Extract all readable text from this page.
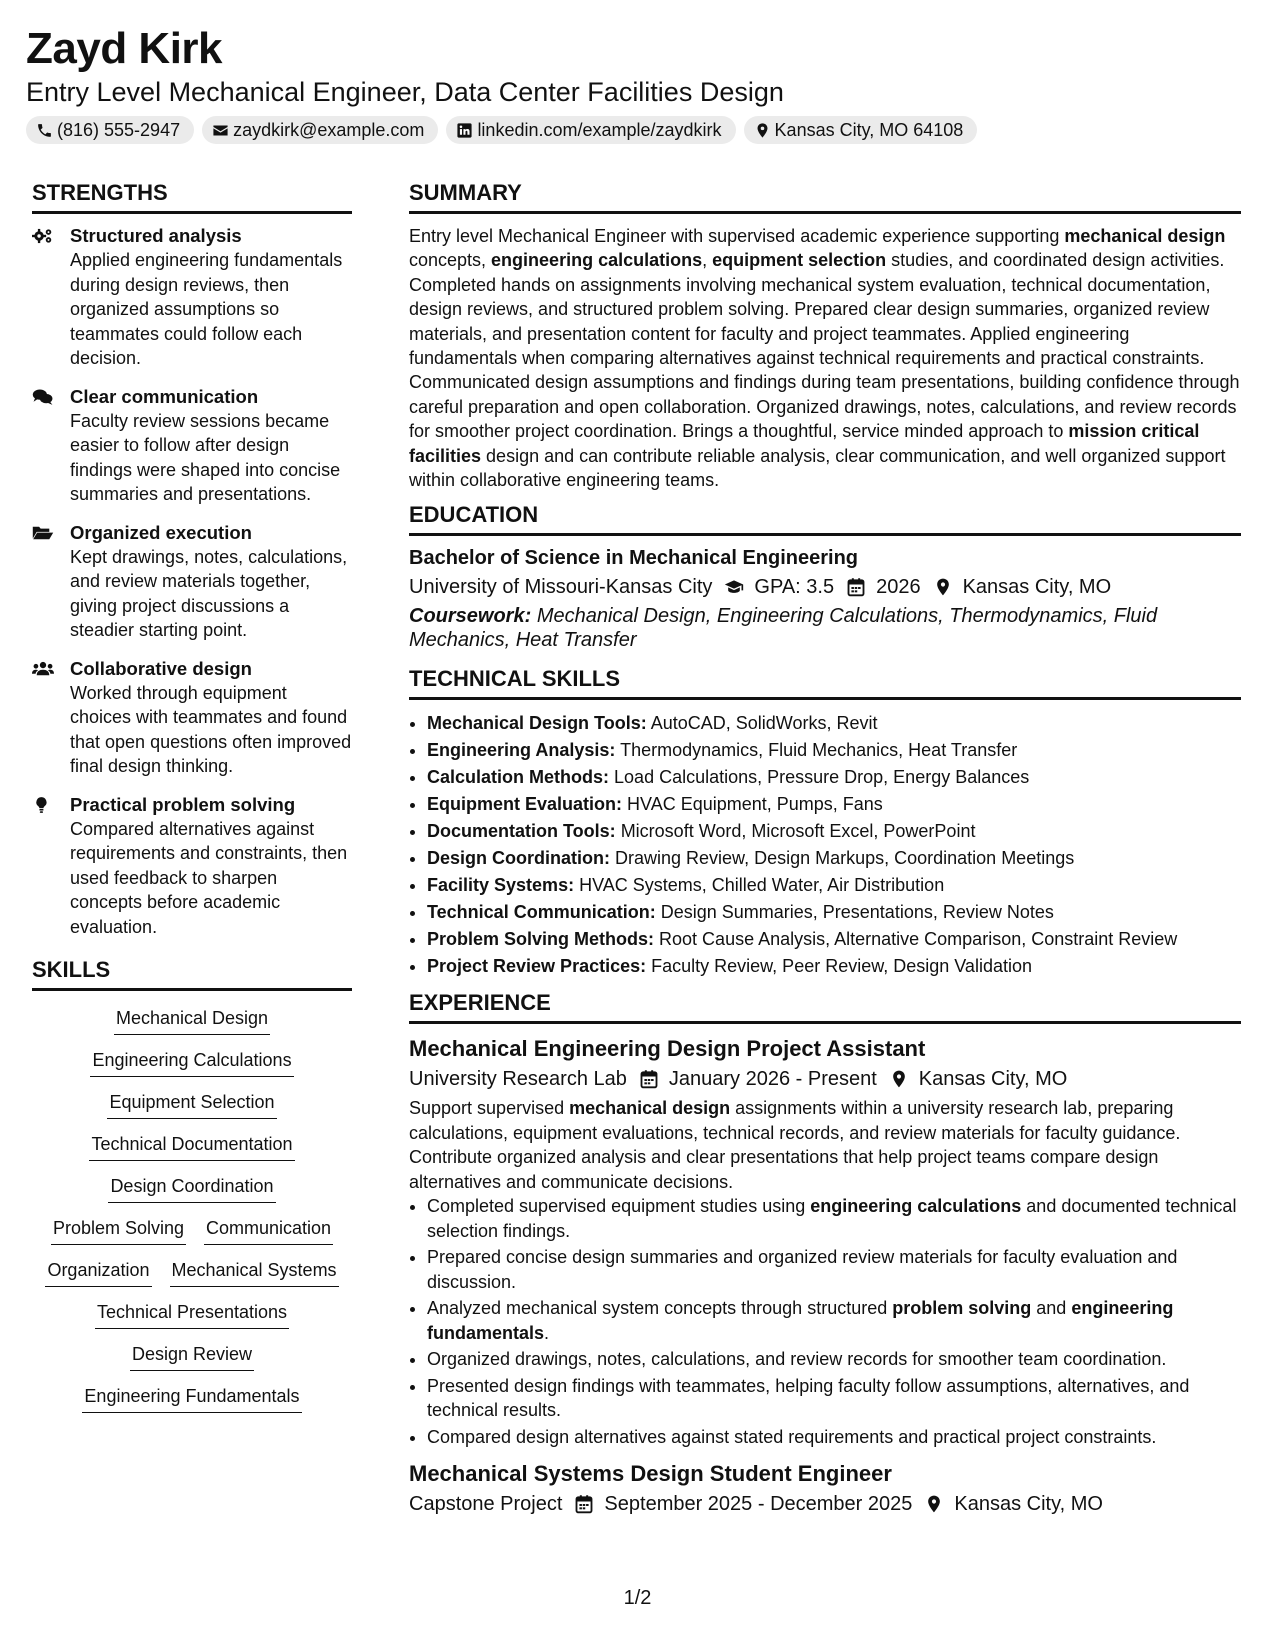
Zayd Kirk
Entry Level Mechanical Engineer, Data Center Facilities Design
(816) 555-2947	zaydkirk@example.com	linkedin.com/example/zaydkirk	Kansas City, MO 64108
STRENGTHS
Structured analysis
Applied engineering fundamentals during design reviews, then organized assumptions so teammates could follow each decision.
Clear communication
Faculty review sessions became easier to follow after design findings were shaped into concise summaries and presentations.
Organized execution
Kept drawings, notes, calculations, and review materials together, giving project discussions a steadier starting point.
Collaborative design
Worked through equipment choices with teammates and found that open questions often improved final design thinking.
Practical problem solving
Compared alternatives against requirements and constraints, then used feedback to sharpen concepts before academic evaluation.
SKILLS
Mechanical Design
Engineering Calculations
Equipment Selection
Technical Documentation
Design Coordination
Problem Solving Communication
Organization Mechanical Systems
Technical Presentations
Design Review
Engineering Fundamentals
SUMMARY
Entry level Mechanical Engineer with supervised academic experience supporting mechanical design concepts, engineering calculations, equipment selection studies, and coordinated design activities. Completed hands on assignments involving mechanical system evaluation, technical documentation, design reviews, and structured problem solving. Prepared clear design summaries, organized review materials, and presentation content for faculty and project teammates. Applied engineering fundamentals when comparing alternatives against technical requirements and practical constraints. Communicated design assumptions and findings during team presentations, building confidence through careful preparation and open collaboration. Organized drawings, notes, calculations, and review records for smoother project coordination. Brings a thoughtful, service minded approach to mission critical facilities design and can contribute reliable analysis, clear communication, and well organized support within collaborative engineering teams.
EDUCATION
Bachelor of Science in Mechanical Engineering
University of Missouri-Kansas City GPA: 3.5 2026 Kansas City, MO
Coursework: Mechanical Design, Engineering Calculations, Thermodynamics, Fluid Mechanics, Heat Transfer
TECHNICAL SKILLS
• Mechanical Design Tools: AutoCAD, SolidWorks, Revit
• Engineering Analysis: Thermodynamics, Fluid Mechanics, Heat Transfer
• Calculation Methods: Load Calculations, Pressure Drop, Energy Balances
• Equipment Evaluation: HVAC Equipment, Pumps, Fans
• Documentation Tools: Microsoft Word, Microsoft Excel, PowerPoint
• Design Coordination: Drawing Review, Design Markups, Coordination Meetings
• Facility Systems: HVAC Systems, Chilled Water, Air Distribution
• Technical Communication: Design Summaries, Presentations, Review Notes
• Problem Solving Methods: Root Cause Analysis, Alternative Comparison, Constraint Review
• Project Review Practices: Faculty Review, Peer Review, Design Validation
EXPERIENCE
Mechanical Engineering Design Project Assistant
University Research Lab January 2026 - Present Kansas City, MO
Support supervised mechanical design assignments within a university research lab, preparing calculations, equipment evaluations, technical records, and review materials for faculty guidance. Contribute organized analysis and clear presentations that help project teams compare design alternatives and communicate decisions.
• Completed supervised equipment studies using engineering calculations and documented technical selection findings.
• Prepared concise design summaries and organized review materials for faculty evaluation and discussion.
• Analyzed mechanical system concepts through structured problem solving and engineering fundamentals.
• Organized drawings, notes, calculations, and review records for smoother team coordination.
• Presented design findings with teammates, helping faculty follow assumptions, alternatives, and technical results.
• Compared design alternatives against stated requirements and practical project constraints.
Mechanical Systems Design Student Engineer
Capstone Project September 2025 - December 2025 Kansas City, MO
1/2
